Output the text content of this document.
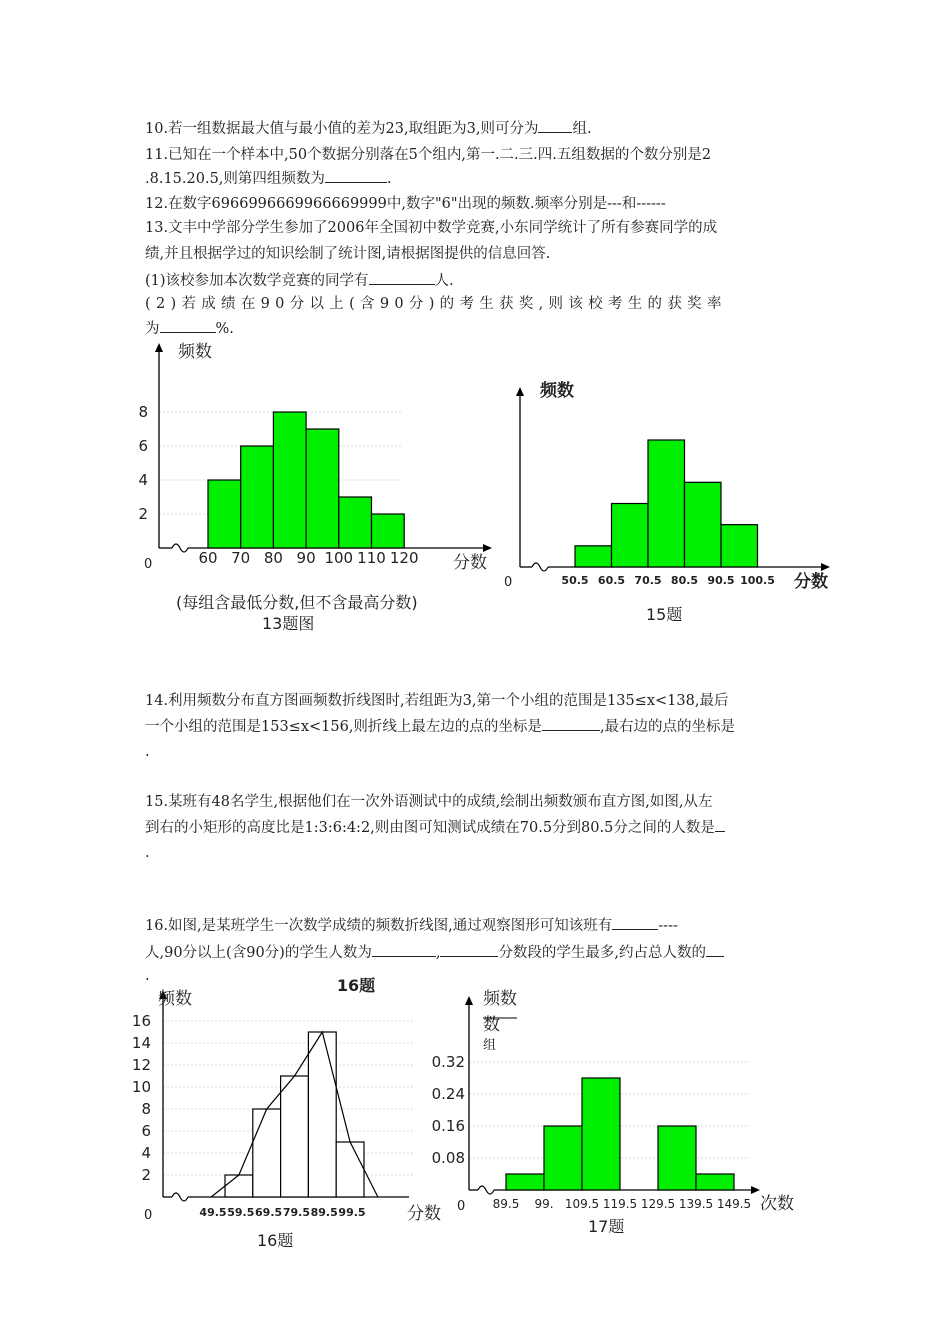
10.若一组数据最大值与最小值的差为23,取组距为3,则可分为 组.
11.已知在一个样本中,50个数据分别落在5个组内,第一.二.三.四.五组数据的个数分别是2
.8.15.20.5,则第四组频数为	.
12.在数字6966996669966669999中,数字"6"出现的频数.频率分别是---和------
13.文丰中学部分学生参加了2006年全国初中数学竞赛,小东同学统计了所有参赛同学的成
绩,并且根据学过的知识绘制了统计图,请根据图提供的信息回答.
(1)该校参加本次数学竞赛的同学有	人.
(2)若成绩在90分以上(含90分)的考生获奖,则该校考生的获奖率
为	%.
14.利用频数分布直方图画频数折线图时,若组距为3,第一个小组的范围是135≤x<138,最后
一个小组的范围是153≤x<156,则折线上最左边的点的坐标是	,最右边的点的坐标是
.
15.某班有48名学生,根据他们在一次外语测试中的成绩,绘制出频数颁布直方图,如图,从左
到右的小矩形的高度比是1:3:6:4:2,则由图可知测试成绩在70.5分到80.5分之间的人数是
.
16.如图,是某班学生一次数学成绩的频数折线图,通过观察图形可知该班有	----
人,90分以上(含90分)的学生人数为	,	分数段的学生最多,约占总人数的
.
(每组含最低分数,但不含最高分数)
13题图	15题
16题
17题
60 70 80 90 100 110 120
2
4
6
8
0
频数
分数
50.5 60.5 70.5 80.5 90.5 100.5
0
频数
分数
49.5 59.5 69.5 79.5 89.5 99.5
2
4
6
8
10
12
14
16
0
频数
分数
16题
89.5 99. 109.5 119.5 129.5 139.5 149.5
0.08
0.16
0.24
0.32
0
频数
次数
数
组
